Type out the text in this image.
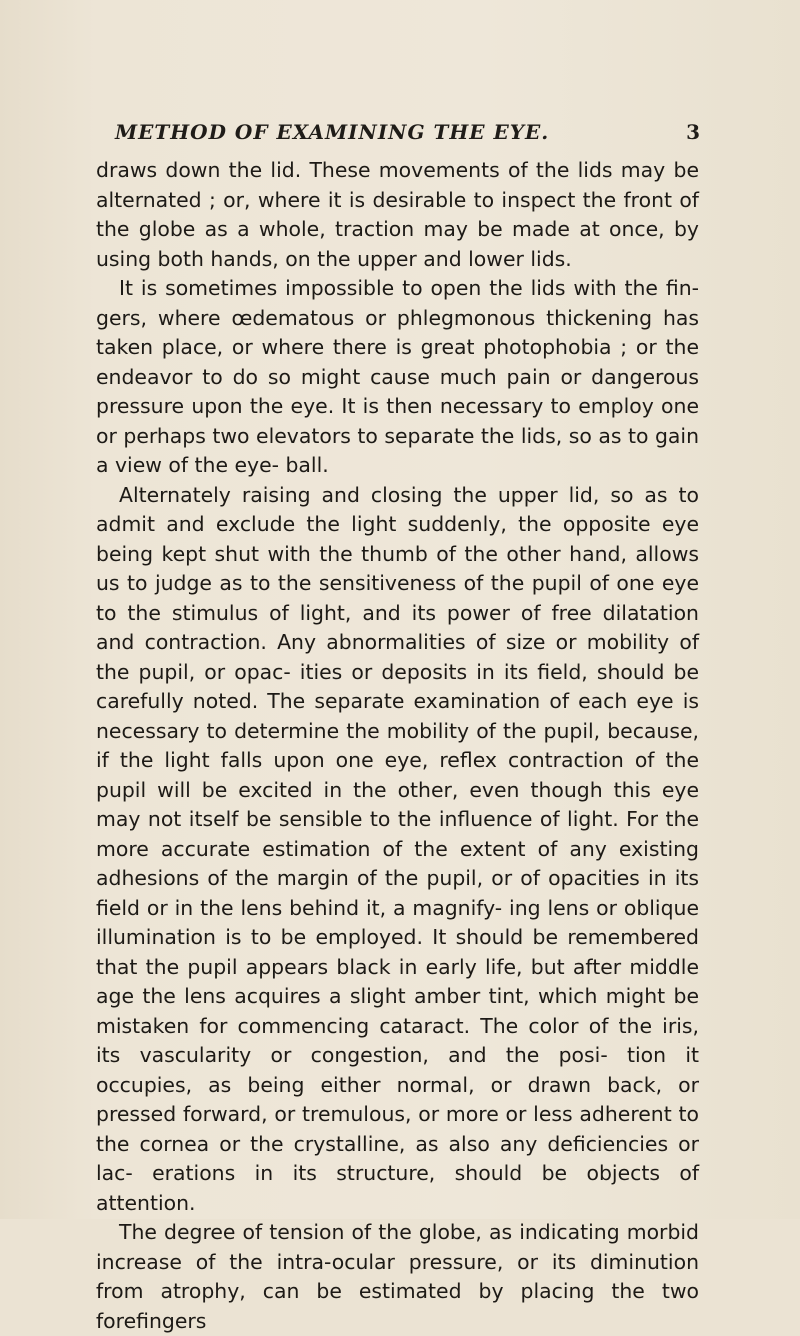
METHOD OF EXAMINING THE EYE.	3

draws down the lid. These movements of the lids may be alternated ; or, where it is desirable to inspect the front of the globe as a whole, traction may be made at once, by using both hands, on the upper and lower lids.

It is sometimes impossible to open the lids with the fin- gers, where œdematous or phlegmonous thickening has taken place, or where there is great photophobia ; or the endeavor to do so might cause much pain or dangerous pressure upon the eye. It is then necessary to employ one or perhaps two elevators to separate the lids, so as to gain a view of the eye- ball.

Alternately raising and closing the upper lid, so as to admit and exclude the light suddenly, the opposite eye being kept shut with the thumb of the other hand, allows us to judge as to the sensitiveness of the pupil of one eye to the stimulus of light, and its power of free dilatation and contraction. Any abnormalities of size or mobility of the pupil, or opac- ities or deposits in its field, should be carefully noted. The separate examination of each eye is necessary to determine the mobility of the pupil, because, if the light falls upon one eye, reflex contraction of the pupil will be excited in the other, even though this eye may not itself be sensible to the influence of light. For the more accurate estimation of the extent of any existing adhesions of the margin of the pupil, or of opacities in its field or in the lens behind it, a magnify- ing lens or oblique illumination is to be employed. It should be remembered that the pupil appears black in early life, but after middle age the lens acquires a slight amber tint, which might be mistaken for commencing cataract. The color of the iris, its vascularity or congestion, and the posi- tion it occupies, as being either normal, or drawn back, or pressed forward, or tremulous, or more or less adherent to the cornea or the crystalline, as also any deficiencies or lac- erations in its structure, should be objects of attention.

The degree of tension of the globe, as indicating morbid increase of the intra-ocular pressure, or its diminution from atrophy, can be estimated by placing the two forefingers
